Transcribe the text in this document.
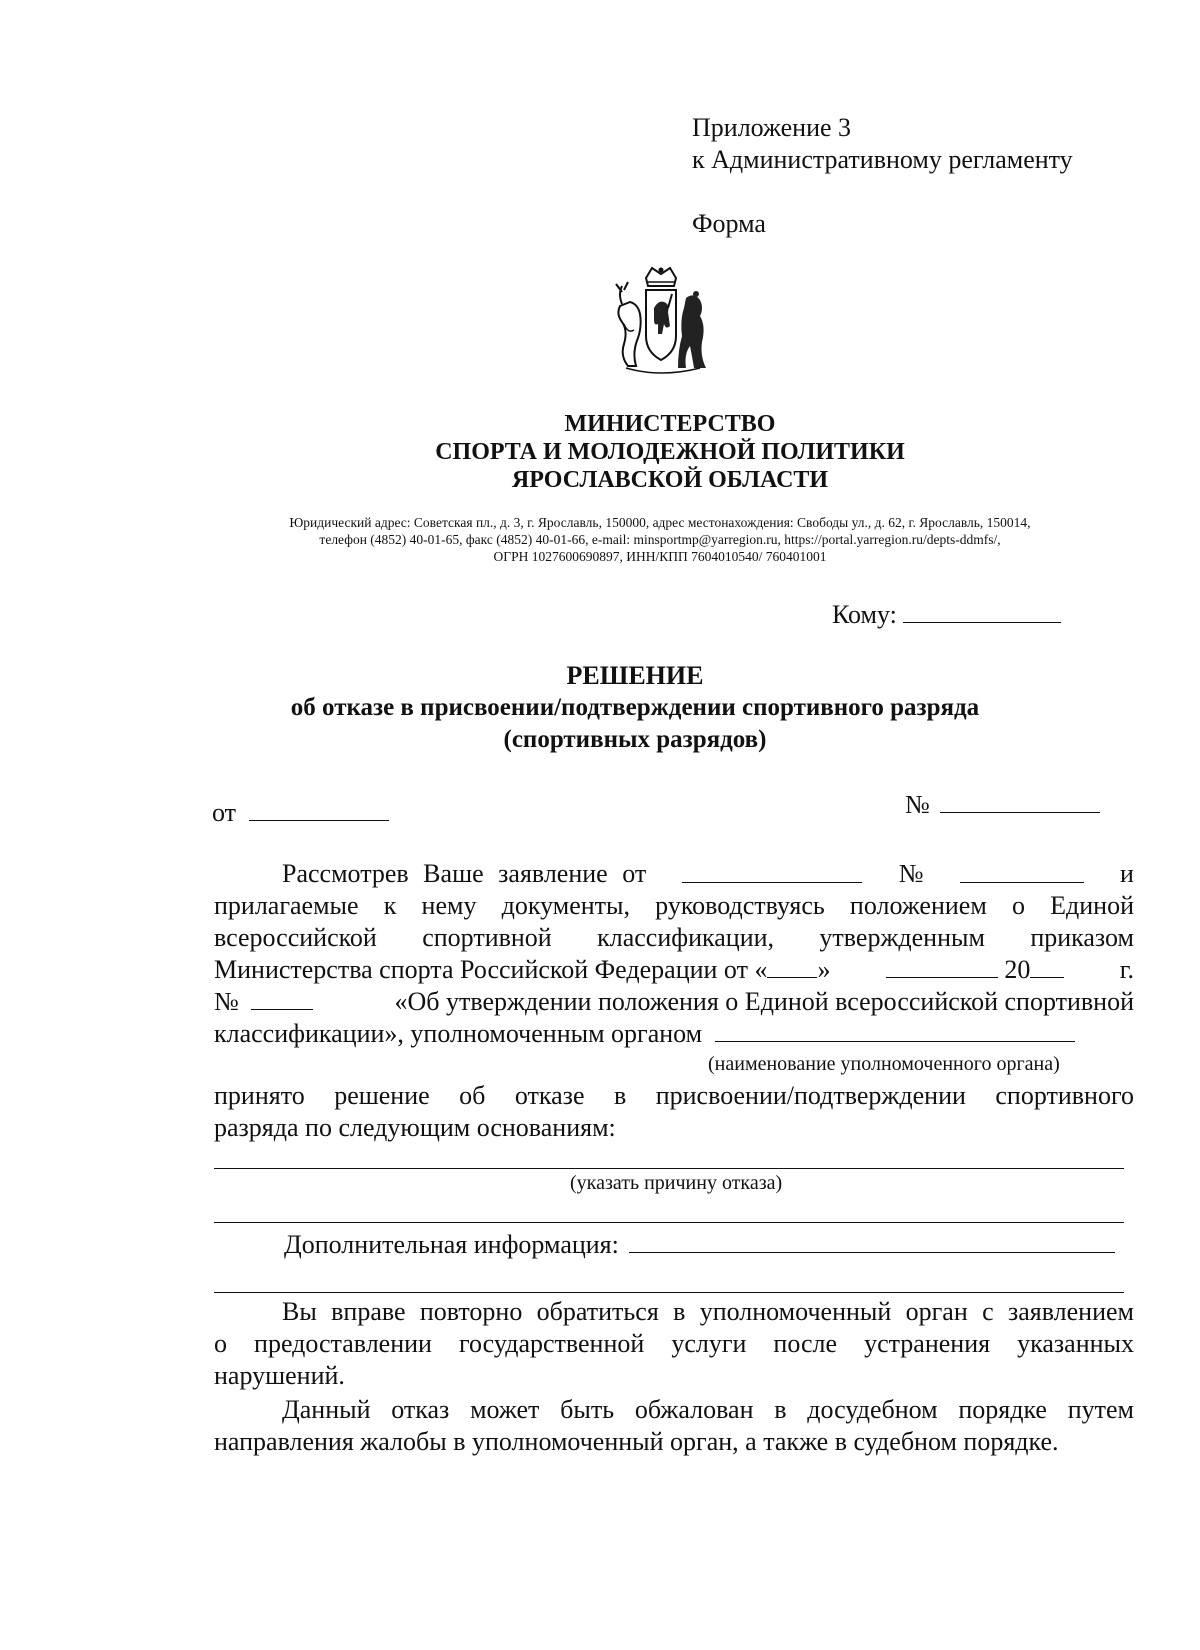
Приложение 3
к Административному регламенту
Форма
МИНИСТЕРСТВО
СПОРТА И МОЛОДЕЖНОЙ ПОЛИТИКИ
ЯРОСЛАВСКОЙ ОБЛАСТИ
Юридический адрес: Советская пл., д. 3, г. Ярославль, 150000, адрес местонахождения: Свободы ул., д. 62, г. Ярославль, 150014,
телефон (4852) 40-01-65, факс (4852) 40-01-66, e-mail: minsportmp@yarregion.ru, https://portal.yarregion.ru/depts-ddmfs/,
ОГРН 1027600690897, ИНН/КПП 7604010540/ 760401001
Кому:
РЕШЕНИЕ
об отказе в присвоении/подтверждении спортивного разряда
(спортивных разрядов)
от	№
Рассмотрев Ваше заявление от	№	и
прилагаемые к нему документы, руководствуясь положением о Единой
всероссийской спортивной классификации, утвержденным приказом
Министерства спорта Российской Федерации от « »	20	г.
№	«Об утверждении положения о Единой всероссийской спортивной
классификации», уполномоченным органом
(наименование уполномоченного органа)
принято решение об отказе в присвоении/подтверждении спортивного
разряда по следующим основаниям:
(указать причину отказа)
Дополнительная информация:
Вы вправе повторно обратиться в уполномоченный орган с заявлением
о предоставлении государственной услуги после устранения указанных
нарушений.
Данный отказ может быть обжалован в досудебном порядке путем
направления жалобы в уполномоченный орган, а также в судебном порядке.
